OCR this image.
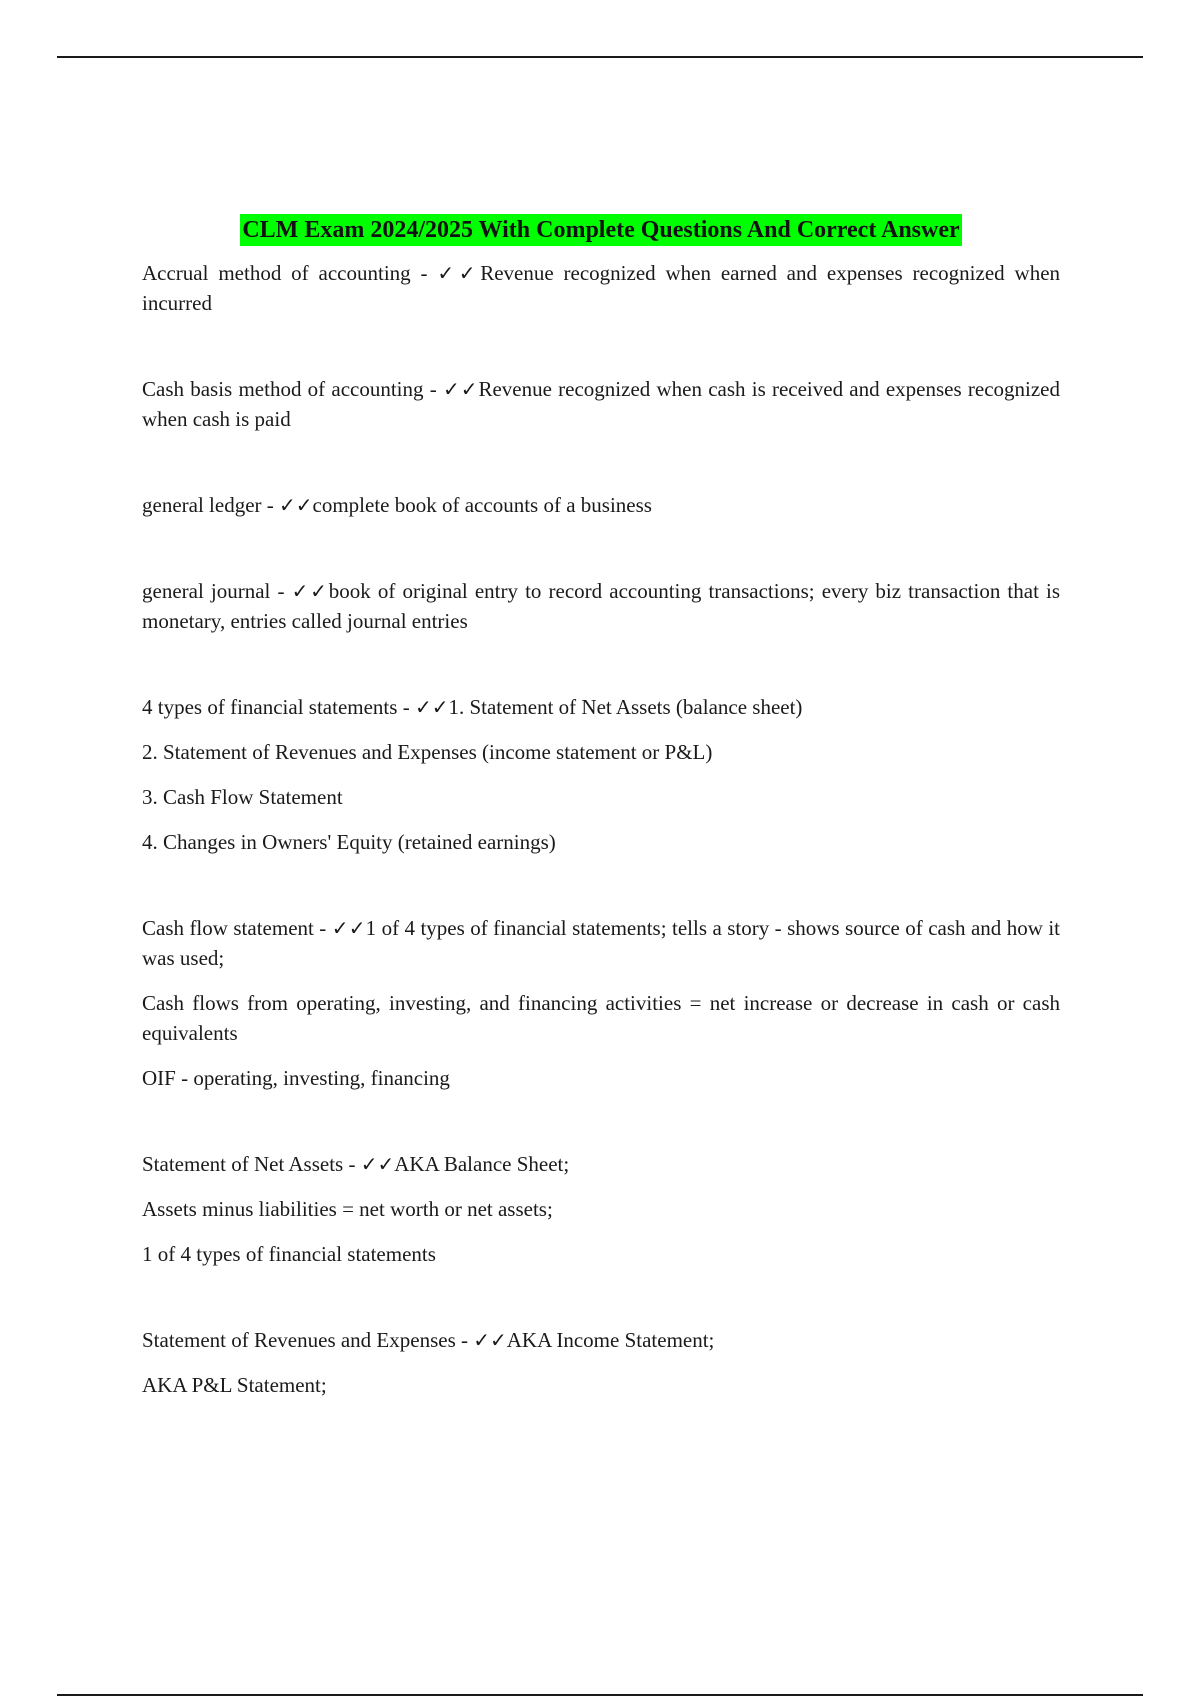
CLM Exam 2024/2025 With Complete Questions And Correct Answer

Accrual method of accounting - ✓✓Revenue recognized when earned and expenses recognized when incurred

Cash basis method of accounting - ✓✓Revenue recognized when cash is received and expenses recognized when cash is paid

general ledger - ✓✓complete book of accounts of a business

general journal - ✓✓book of original entry to record accounting transactions; every biz transaction that is monetary, entries called journal entries

4 types of financial statements - ✓✓1. Statement of Net Assets (balance sheet)

2. Statement of Revenues and Expenses (income statement or P&L)

3. Cash Flow Statement

4. Changes in Owners' Equity (retained earnings)

Cash flow statement - ✓✓1 of 4 types of financial statements; tells a story - shows source of cash and how it was used;

Cash flows from operating, investing, and financing activities = net increase or decrease in cash or cash equivalents

OIF - operating, investing, financing

Statement of Net Assets - ✓✓AKA Balance Sheet;

Assets minus liabilities = net worth or net assets;

1 of 4 types of financial statements

Statement of Revenues and Expenses - ✓✓AKA Income Statement;

AKA P&L Statement;
